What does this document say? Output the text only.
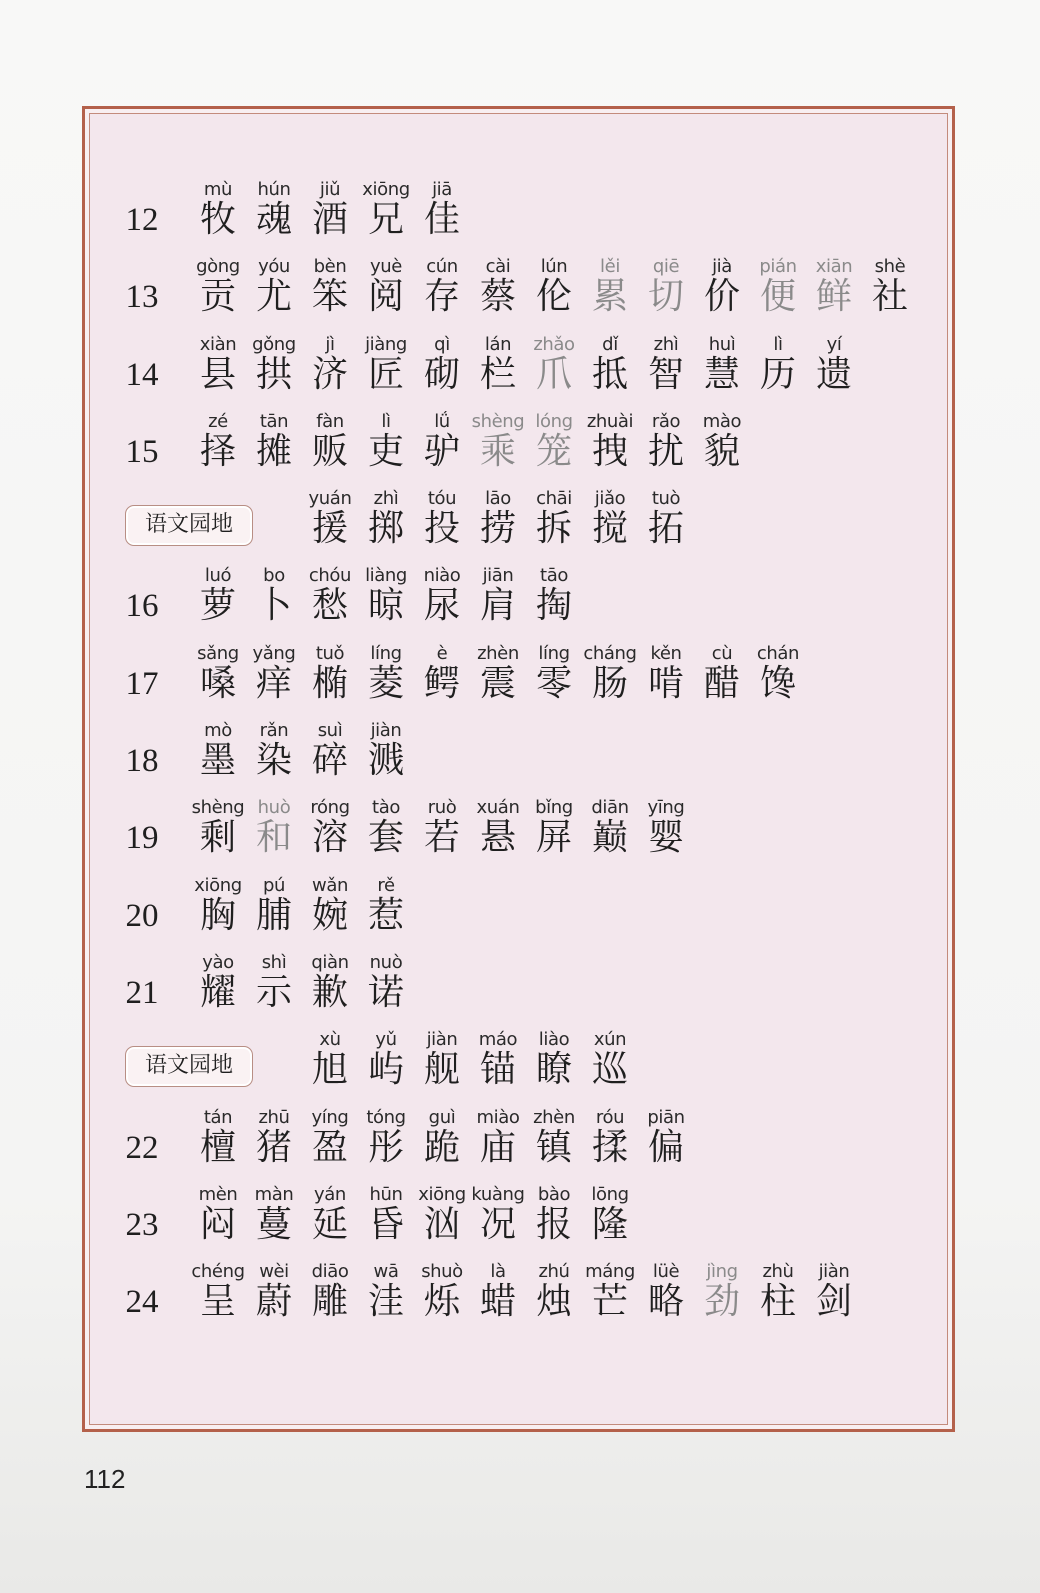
12
mù
牧
hún
魂
jiǔ
酒
xiōng
兄
jiā
佳
13
gòng
贡
yóu
尤
bèn
笨
yuè
阅
cún
存
cài
蔡
lún
伦
lěi
累
qiē
切
jià
价
pián
便
xiān
鲜
shè
社
14
xiàn
县
gǒng
拱
jì
济
jiàng
匠
qì
砌
lán
栏
zhǎo
爪
dǐ
抵
zhì
智
huì
慧
lì
历
yí
遗
15
zé
择
tān
摊
fàn
贩
lì
吏
lǘ
驴
shèng
乘
lóng
笼
zhuài
拽
rǎo
扰
mào
貌
语文园地
yuán
援
zhì
掷
tóu
投
lāo
捞
chāi
拆
jiǎo
搅
tuò
拓
16
luó
萝
bo
卜
chóu
愁
liàng
晾
niào
尿
jiān
肩
tāo
掏
17
sǎng
嗓
yǎng
痒
tuǒ
椭
líng
菱
è
鳄
zhèn
震
líng
零
cháng
肠
kěn
啃
cù
醋
chán
馋
18
mò
墨
rǎn
染
suì
碎
jiàn
溅
19
shèng
剩
huò
和
róng
溶
tào
套
ruò
若
xuán
悬
bǐng
屏
diān
巅
yīng
婴
20
xiōng
胸
pú
脯
wǎn
婉
rě
惹
21
yào
耀
shì
示
qiàn
歉
nuò
诺
语文园地
xù
旭
yǔ
屿
jiàn
舰
máo
锚
liào
瞭
xún
巡
22
tán
檀
zhū
猪
yíng
盈
tóng
彤
guì
跪
miào
庙
zhèn
镇
róu
揉
piān
偏
23
mèn
闷
màn
蔓
yán
延
hūn
昏
xiōng
汹
kuàng
况
bào
报
lōng
隆
24
chéng
呈
wèi
蔚
diāo
雕
wā
洼
shuò
烁
là
蜡
zhú
烛
máng
芒
lüè
略
jìng
劲
zhù
柱
jiàn
剑
112
